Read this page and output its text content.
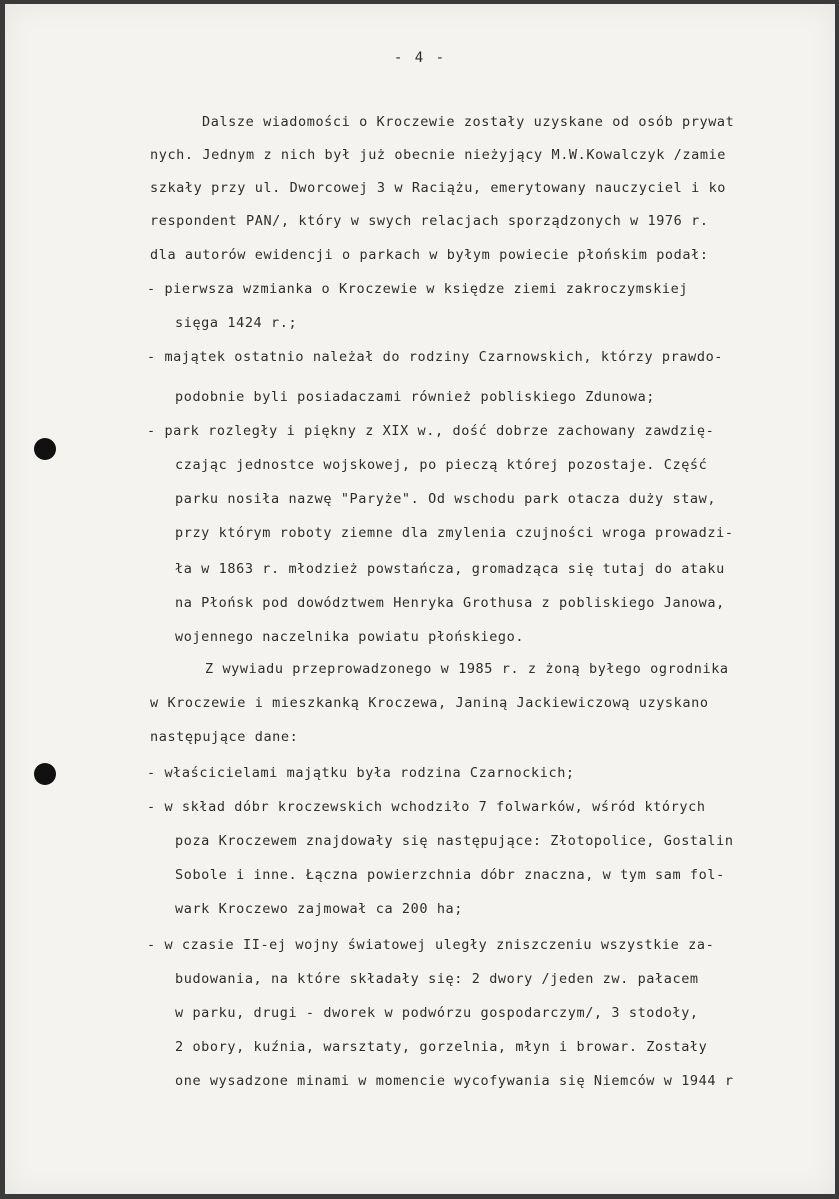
- 4 -
Dalsze wiadomości o Kroczewie zostały uzyskane od osób prywat
nych. Jednym z nich był już obecnie nieżyjący M.W.Kowalczyk /zamie
szkały przy ul. Dworcowej 3 w Raciążu, emerytowany nauczyciel i ko
respondent PAN/, który w swych relacjach sporządzonych w 1976 r.
dla autorów ewidencji o parkach w byłym powiecie płońskim podał:
- pierwsza wzmianka o Kroczewie w księdze ziemi zakroczymskiej
sięga 1424 r.;
- majątek ostatnio należał do rodziny Czarnowskich, którzy prawdo-
podobnie byli posiadaczami również pobliskiego Zdunowa;
- park rozległy i piękny z XIX w., dość dobrze zachowany zawdzię-
czając jednostce wojskowej, po pieczą której pozostaje. Część
parku nosiła nazwę "Paryże". Od wschodu park otacza duży staw,
przy którym roboty ziemne dla zmylenia czujności wroga prowadzi-
ła w 1863 r. młodzież powstańcza, gromadząca się tutaj do ataku
na Płońsk pod dowództwem Henryka Grothusa z pobliskiego Janowa,
wojennego naczelnika powiatu płońskiego.
Z wywiadu przeprowadzonego w 1985 r. z żoną byłego ogrodnika
w Kroczewie i mieszkanką Kroczewa, Janiną Jackiewiczową uzyskano
następujące dane:
- właścicielami majątku była rodzina Czarnockich;
- w skład dóbr kroczewskich wchodziło 7 folwarków, wśród których
poza Kroczewem znajdowały się następujące: Złotopolice, Gostalin
Sobole i inne. Łączna powierzchnia dóbr znaczna, w tym sam fol-
wark Kroczewo zajmował ca 200 ha;
- w czasie II-ej wojny światowej uległy zniszczeniu wszystkie za-
budowania, na które składały się: 2 dwory /jeden zw. pałacem
w parku, drugi - dworek w podwórzu gospodarczym/, 3 stodoły,
2 obory, kuźnia, warsztaty, gorzelnia, młyn i browar. Zostały
one wysadzone minami w momencie wycofywania się Niemców w 1944 r
